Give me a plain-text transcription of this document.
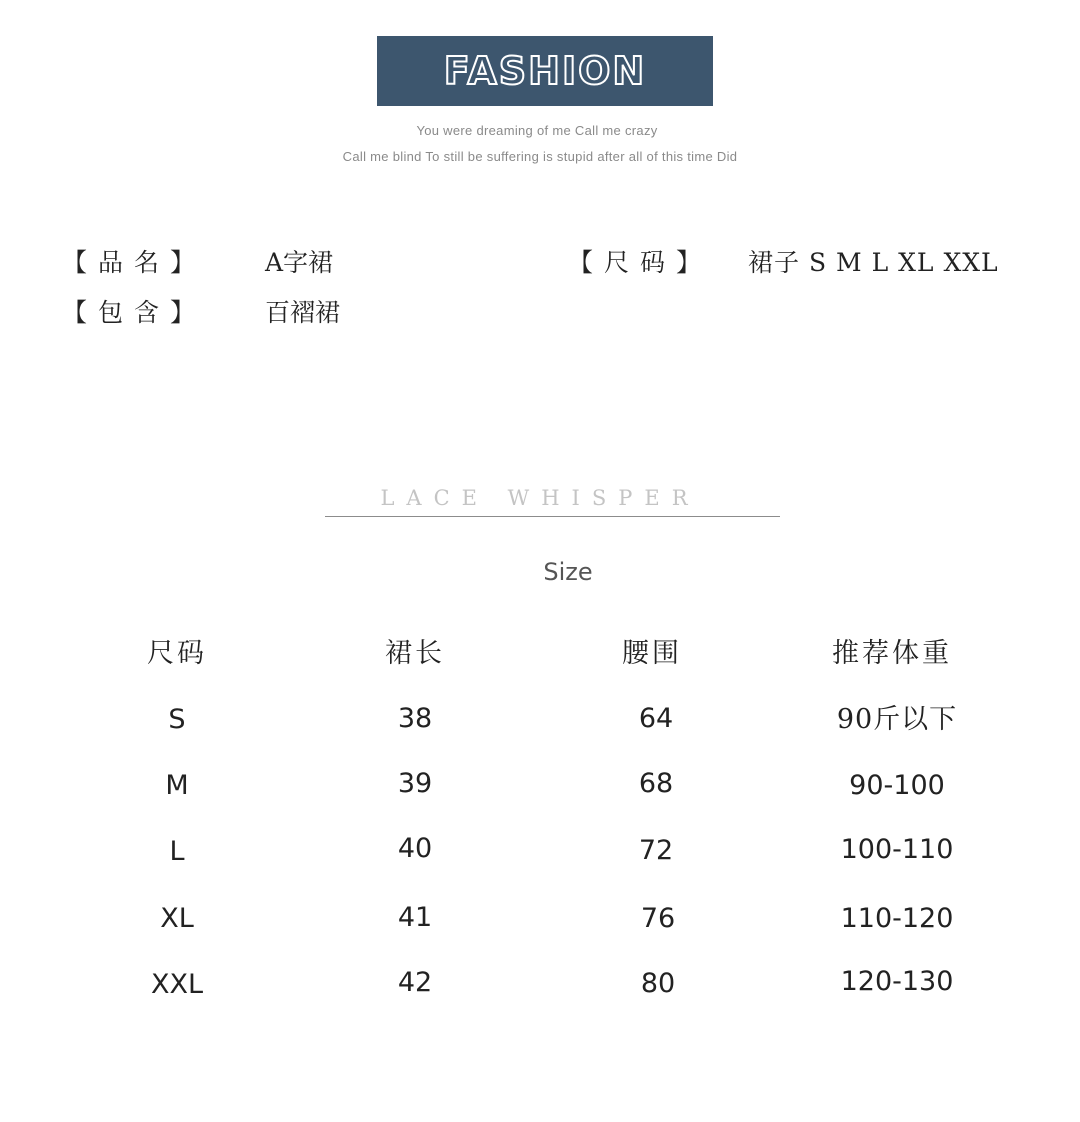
FASHION
You were dreaming of me Call me crazy
Call me blind To still be suffering is stupid after all of this time Did
【品名】 A字裙	【尺码】 裙子 S M L XL XXL
【包含】 百褶裙
LACE WHISPER
Size
尺码	裙长	腰围	推荐体重
S	38	64	90斤以下
M	39	68	90-100
L	40	72	100-110
XL	41	76	110-120
XXL	42	80	120-130
